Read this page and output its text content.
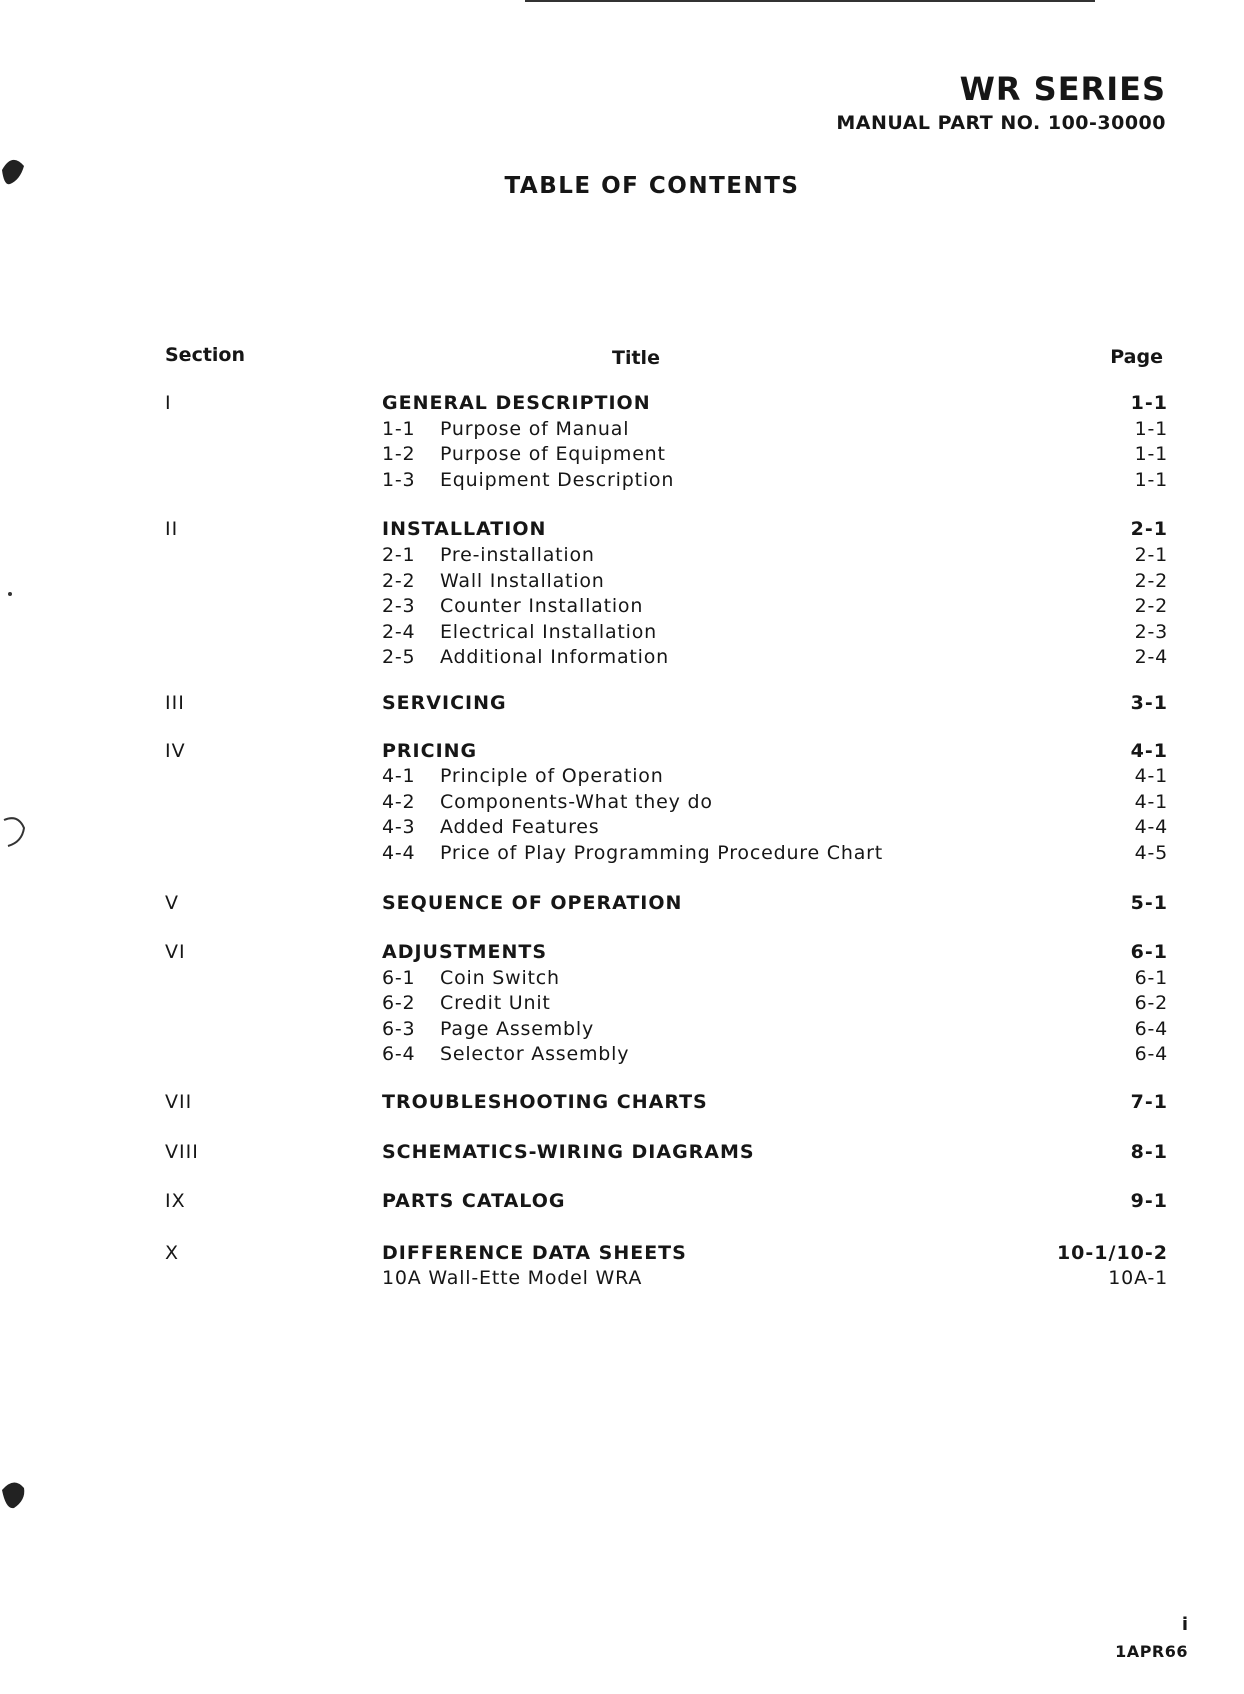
WR SERIES
MANUAL PART NO. 100-30000
TABLE OF CONTENTS
Section	Title	Page
I	GENERAL DESCRIPTION	1-1
1-1 Purpose of Manual	1-1
1-2 Purpose of Equipment	1-1
1-3 Equipment Description	1-1
II	INSTALLATION	2-1
2-1 Pre-installation	2-1
2-2 Wall Installation	2-2
2-3 Counter Installation	2-2
2-4 Electrical Installation	2-3
2-5 Additional Information	2-4
III	SERVICING	3-1
IV	PRICING	4-1
4-1 Principle of Operation	4-1
4-2 Components-What they do	4-1
4-3 Added Features	4-4
4-4 Price of Play Programming Procedure Chart	4-5
V	SEQUENCE OF OPERATION	5-1
VI	ADJUSTMENTS	6-1
6-1 Coin Switch	6-1
6-2 Credit Unit	6-2
6-3 Page Assembly	6-4
6-4 Selector Assembly	6-4
VII	TROUBLESHOOTING CHARTS	7-1
VIII	SCHEMATICS-WIRING DIAGRAMS	8-1
IX	PARTS CATALOG	9-1
X	DIFFERENCE DATA SHEETS	10-1/10-2
10A Wall-Ette Model WRA	10A-1
i
1APR66
